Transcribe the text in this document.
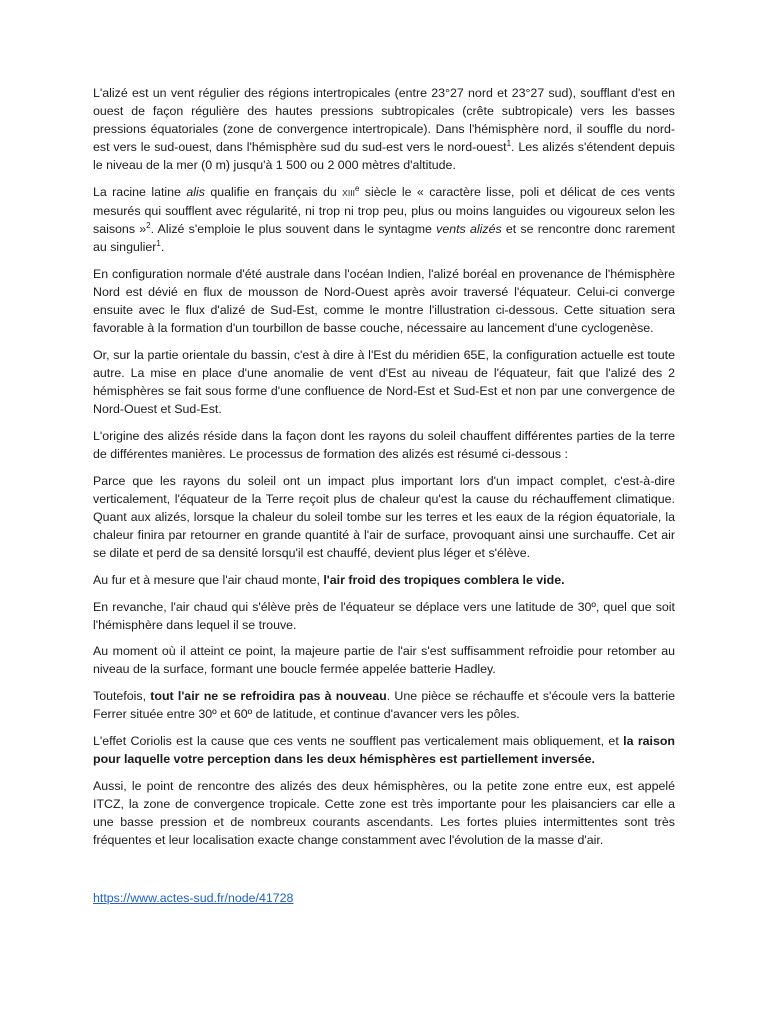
L'alizé est un vent régulier des régions intertropicales (entre 23°27 nord et 23°27 sud), soufflant d'est en ouest de façon régulière des hautes pressions subtropicales (crête subtropicale) vers les basses pressions équatoriales (zone de convergence intertropicale). Dans l'hémisphère nord, il souffle du nord-est vers le sud-ouest, dans l'hémisphère sud du sud-est vers le nord-ouest$^1$. Les alizés s'étendent depuis le niveau de la mer (0 m) jusqu'à 1 500 ou 2 000 mètres d'altitude.

La racine latine alis qualifie en français du XIIIe siècle le « caractère lisse, poli et délicat de ces vents mesurés qui soufflent avec régularité, ni trop ni trop peu, plus ou moins languides ou vigoureux selon les saisons »$^2$. Alizé s'emploie le plus souvent dans le syntagme vents alizés et se rencontre donc rarement au singulier$^1$.

En configuration normale d'été australe dans l'océan Indien, l'alizé boréal en provenance de l'hémisphère Nord est dévié en flux de mousson de Nord-Ouest après avoir traversé l'équateur. Celui-ci converge ensuite avec le flux d'alizé de Sud-Est, comme le montre l'illustration ci-dessous. Cette situation sera favorable à la formation d'un tourbillon de basse couche, nécessaire au lancement d'une cyclogenèse.

Or, sur la partie orientale du bassin, c'est à dire à l'Est du méridien 65E, la configuration actuelle est toute autre. La mise en place d'une anomalie de vent d'Est au niveau de l'équateur, fait que l'alizé des 2 hémisphères se fait sous forme d'une confluence de Nord-Est et Sud-Est et non par une convergence de Nord-Ouest et Sud-Est.

L'origine des alizés réside dans la façon dont les rayons du soleil chauffent différentes parties de la terre de différentes manières. Le processus de formation des alizés est résumé ci-dessous :

Parce que les rayons du soleil ont un impact plus important lors d'un impact complet, c'est-à-dire verticalement, l'équateur de la Terre reçoit plus de chaleur qu'est la cause du réchauffement climatique. Quant aux alizés, lorsque la chaleur du soleil tombe sur les terres et les eaux de la région équatoriale, la chaleur finira par retourner en grande quantité à l'air de surface, provoquant ainsi une surchauffe. Cet air se dilate et perd de sa densité lorsqu'il est chauffé, devient plus léger et s'élève.

Au fur et à mesure que l'air chaud monte, l'air froid des tropiques comblera le vide.

En revanche, l'air chaud qui s'élève près de l'équateur se déplace vers une latitude de 30º, quel que soit l'hémisphère dans lequel il se trouve.

Au moment où il atteint ce point, la majeure partie de l'air s'est suffisamment refroidie pour retomber au niveau de la surface, formant une boucle fermée appelée batterie Hadley.

Toutefois, tout l'air ne se refroidira pas à nouveau. Une pièce se réchauffe et s'écoule vers la batterie Ferrer située entre 30º et 60º de latitude, et continue d'avancer vers les pôles.

L'effet Coriolis est la cause que ces vents ne soufflent pas verticalement mais obliquement, et la raison pour laquelle votre perception dans les deux hémisphères est partiellement inversée.

Aussi, le point de rencontre des alizés des deux hémisphères, ou la petite zone entre eux, est appelé ITCZ, la zone de convergence tropicale. Cette zone est très importante pour les plaisanciers car elle a une basse pression et de nombreux courants ascendants. Les fortes pluies intermittentes sont très fréquentes et leur localisation exacte change constamment avec l'évolution de la masse d'air.

https://www.actes-sud.fr/node/41728
